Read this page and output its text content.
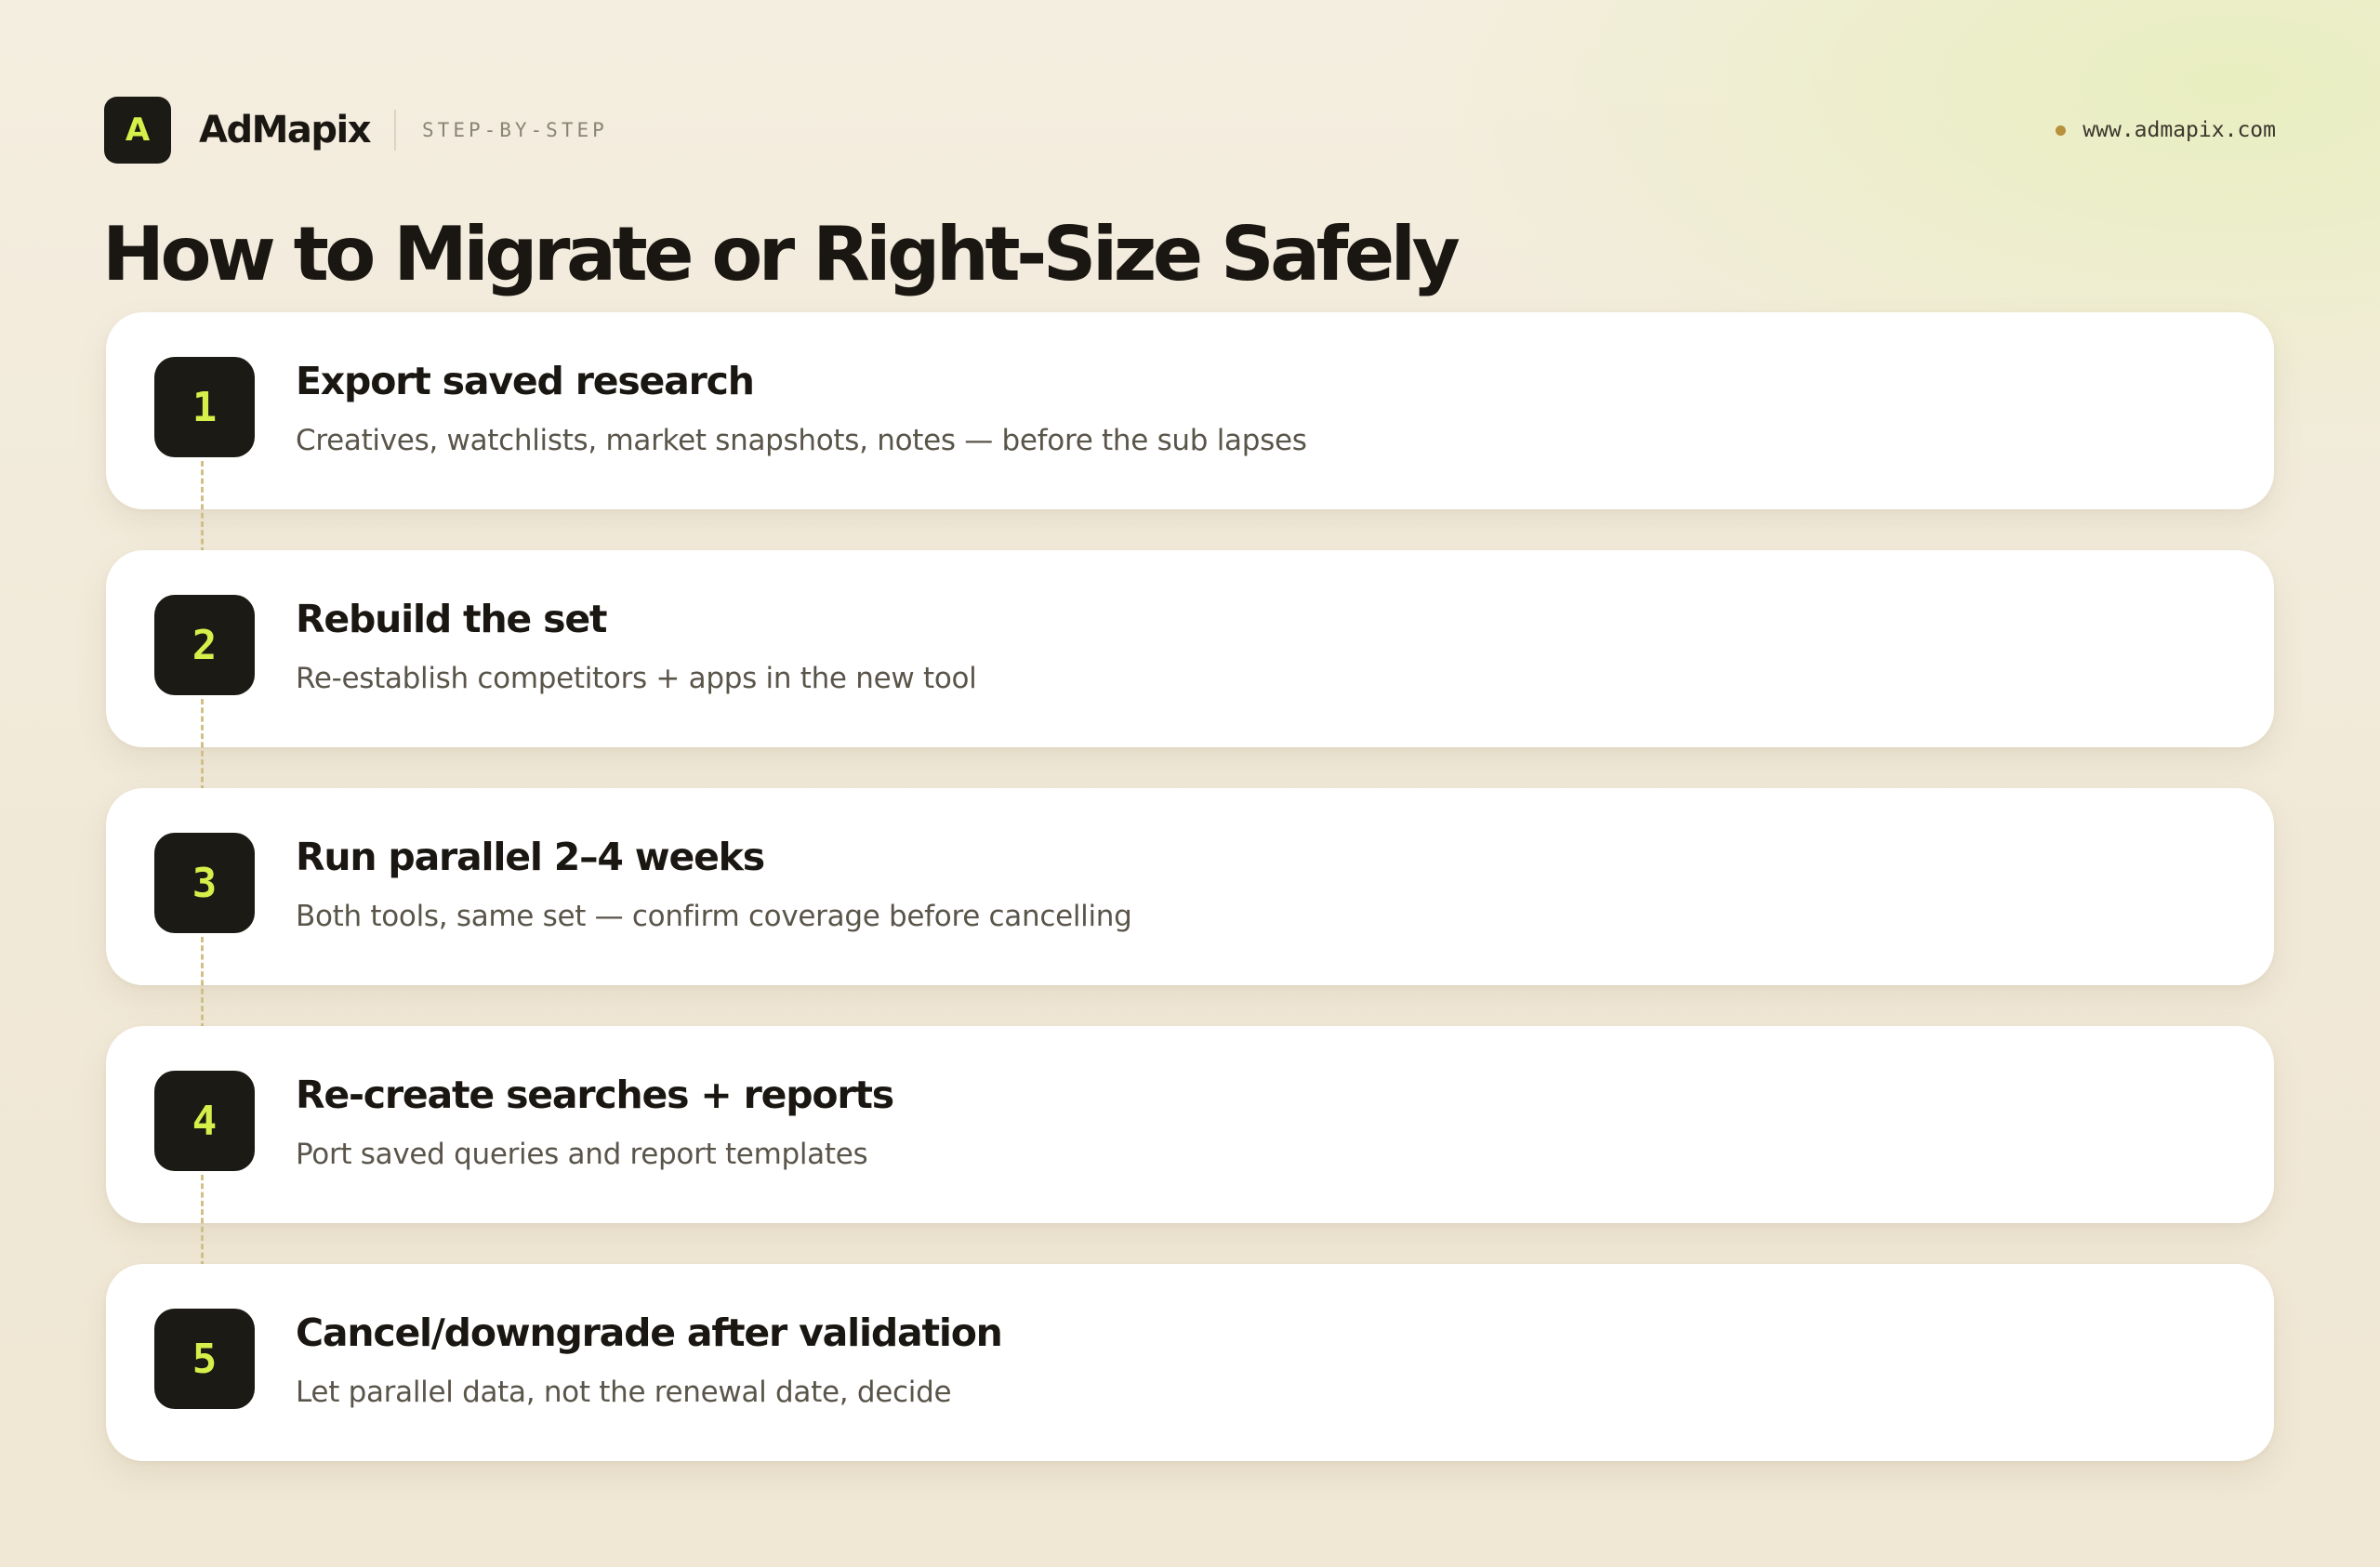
A AdMapix	STEP-BY-STEP	www.admapix.com
How to Migrate or Right-Size Safely
1
Export saved research
Creatives, watchlists, market snapshots, notes — before the sub lapses
2
Rebuild the set
Re-establish competitors + apps in the new tool
3
Run parallel 2–4 weeks
Both tools, same set — confirm coverage before cancelling
4
Re-create searches + reports
Port saved queries and report templates
5
Cancel/downgrade after validation
Let parallel data, not the renewal date, decide
